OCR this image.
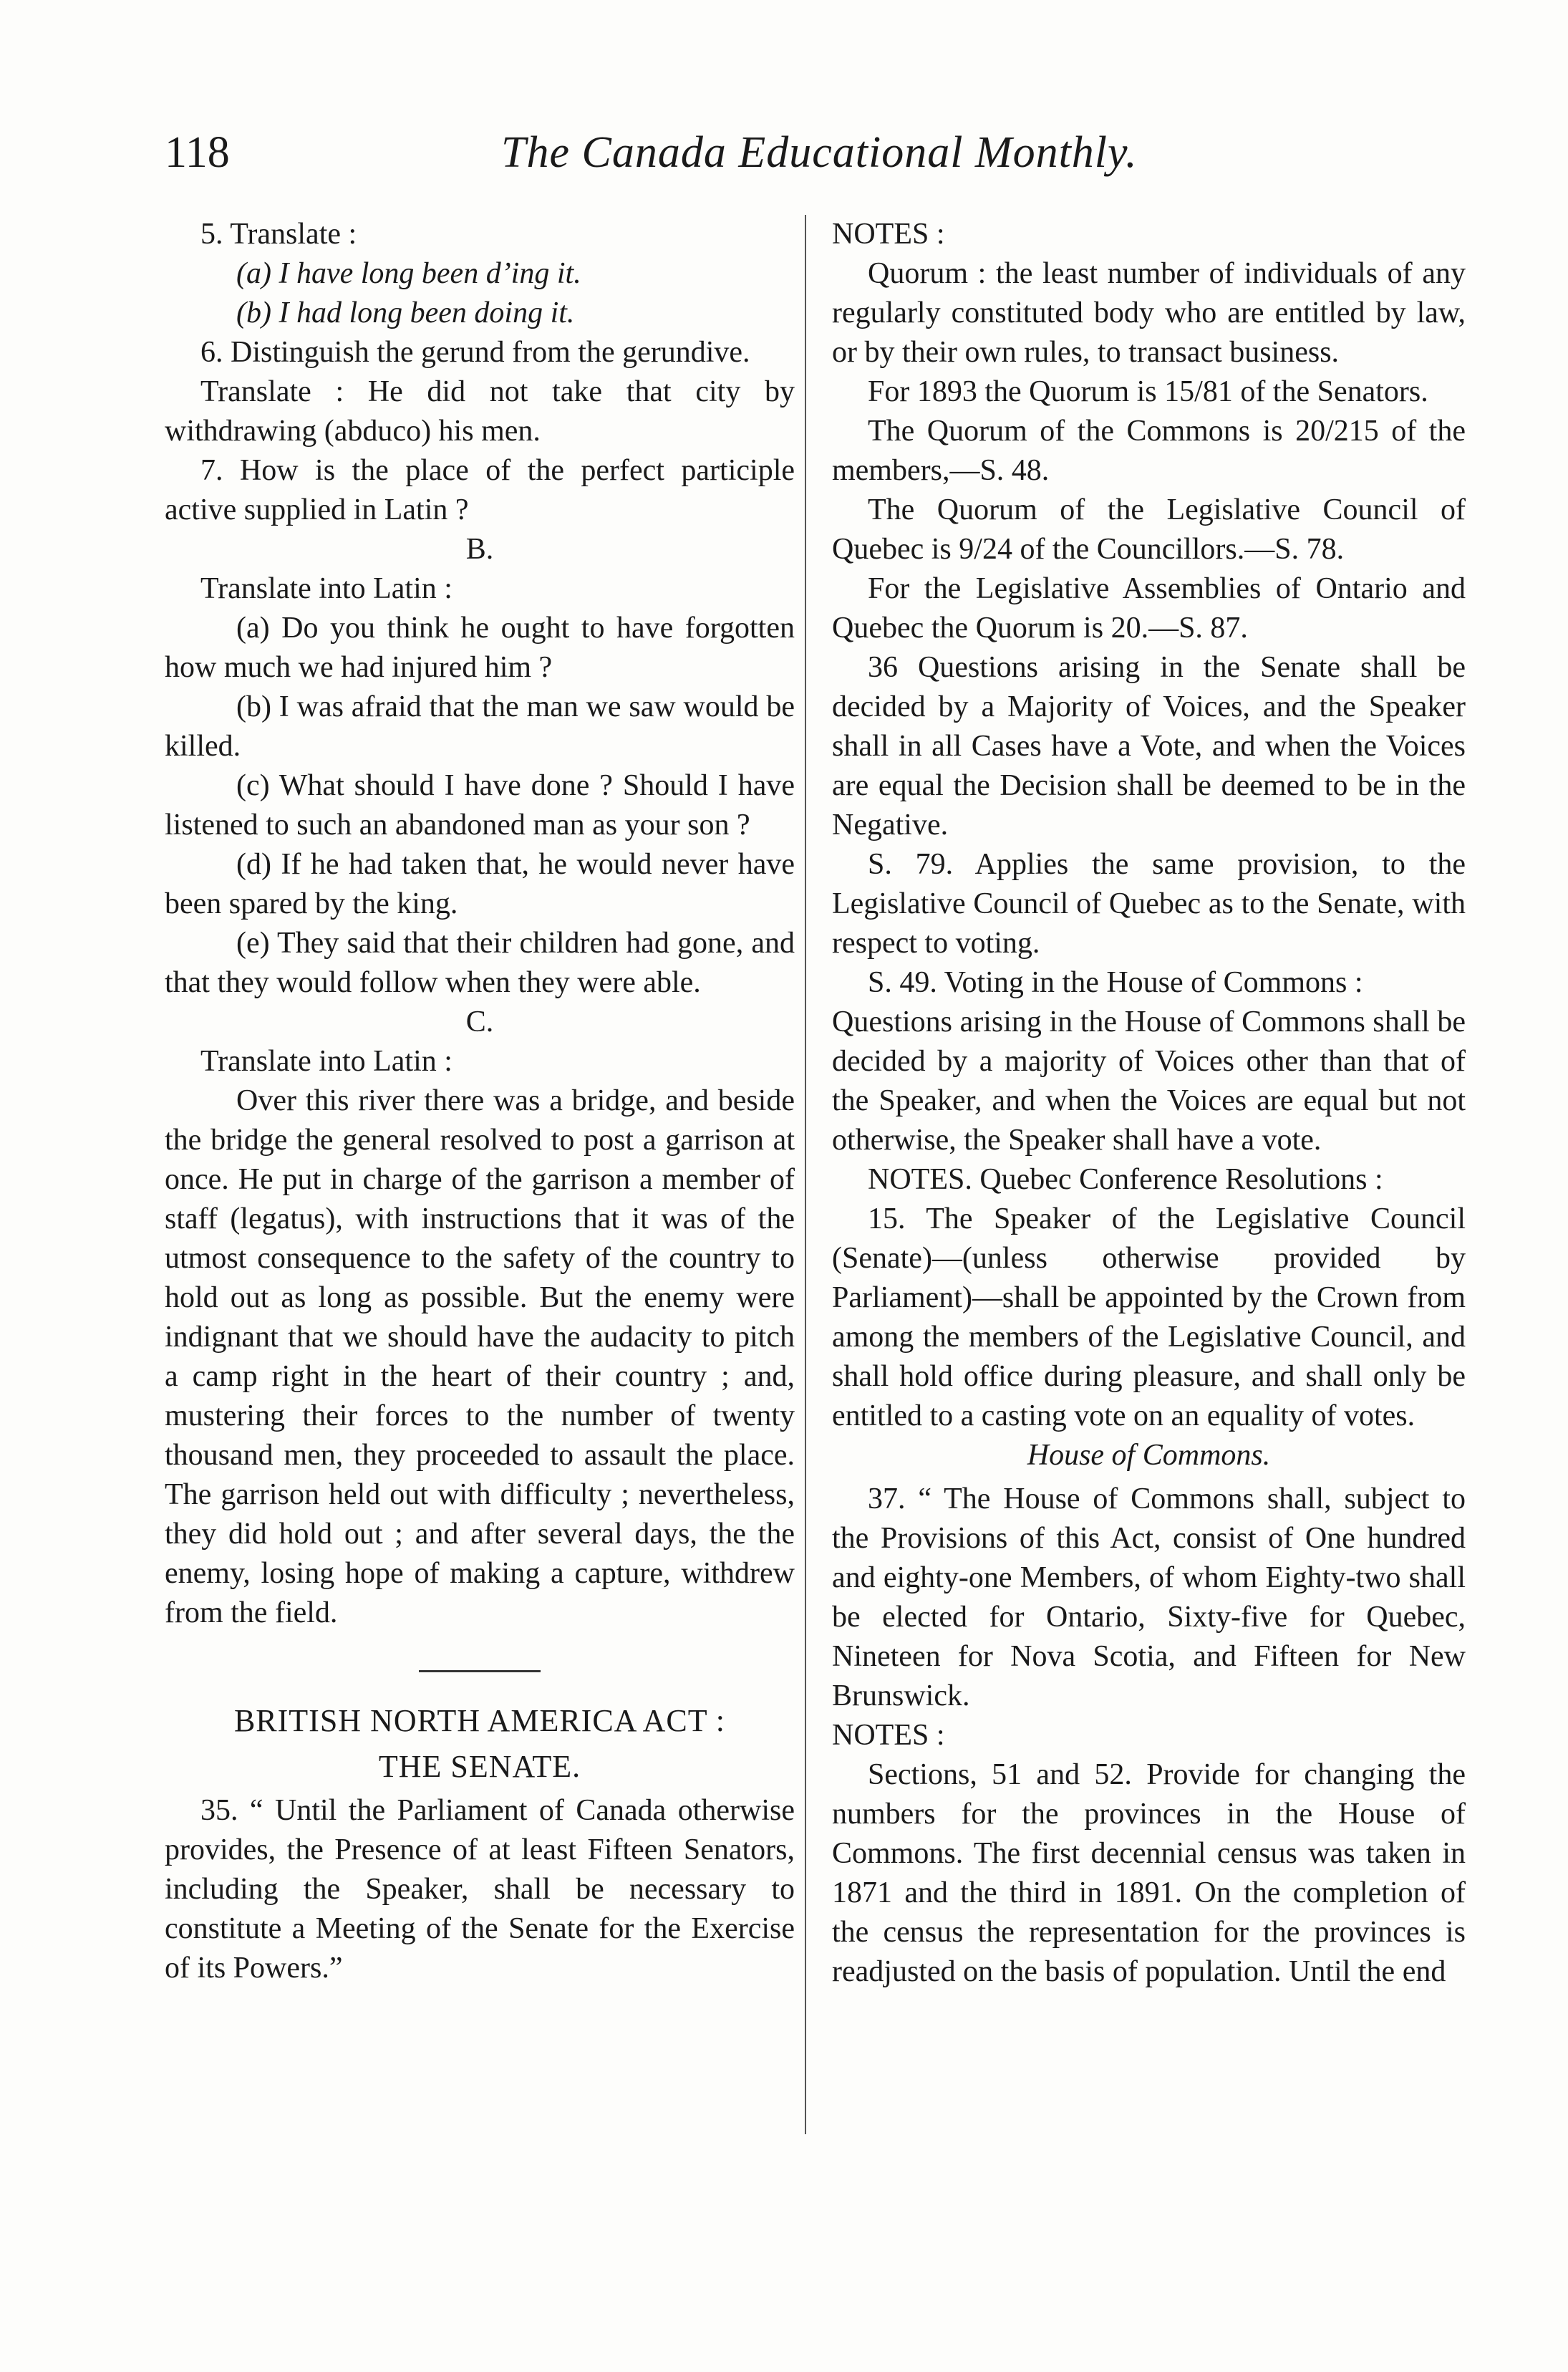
118	The Canada Educational Monthly.

5. Translate :

(a) I have long been d’ing it.

(b) I had long been doing it.

6. Distinguish the gerund from the gerundive.

Translate : He did not take that city by withdrawing (abduco) his men.

7. How is the place of the perfect participle active supplied in Latin ?

B.

Translate into Latin :

(a) Do you think he ought to have forgotten how much we had injured him ?

(b) I was afraid that the man we saw would be killed.

(c) What should I have done ? Should I have listened to such an abandoned man as your son ?

(d) If he had taken that, he would never have been spared by the king.

(e) They said that their children had gone, and that they would follow when they were able.

C.

Translate into Latin :

Over this river there was a bridge, and beside the bridge the general resolved to post a garrison at once. He put in charge of the garrison a member of staff (legatus), with instructions that it was of the utmost consequence to the safety of the country to hold out as long as possible. But the enemy were indignant that we should have the audacity to pitch a camp right in the heart of their country ; and, mustering their forces to the number of twenty thousand men, they proceeded to assault the place. The garrison held out with difficulty ; nevertheless, they did hold out ; and after several days, the the enemy, losing hope of making a capture, withdrew from the field.

BRITISH NORTH AMERICA ACT :

THE SENATE.

35. “ Until the Parliament of Canada otherwise provides, the Presence of at least Fifteen Senators, including the Speaker, shall be necessary to constitute a Meeting of the Senate for the Exercise of its Powers.”

NOTES :

Quorum : the least number of individuals of any regularly constituted body who are entitled by law, or by their own rules, to transact business.

For 1893 the Quorum is 15/81 of the Senators.

The Quorum of the Commons is 20/215 of the members,—S. 48.

The Quorum of the Legislative Council of Quebec is 9/24 of the Councillors.—S. 78.

For the Legislative Assemblies of Ontario and Quebec the Quorum is 20.—S. 87.

36 Questions arising in the Senate shall be decided by a Majority of Voices, and the Speaker shall in all Cases have a Vote, and when the Voices are equal the Decision shall be deemed to be in the Negative.

S. 79. Applies the same provision, to the Legislative Council of Quebec as to the Senate, with respect to voting.

S. 49. Voting in the House of Commons :

Questions arising in the House of Commons shall be decided by a majority of Voices other than that of the Speaker, and when the Voices are equal but not otherwise, the Speaker shall have a vote.

NOTES. Quebec Conference Resolutions :

15. The Speaker of the Legislative Council (Senate)—(unless otherwise provided by Parliament)—shall be appointed by the Crown from among the members of the Legislative Council, and shall hold office during pleasure, and shall only be entitled to a casting vote on an equality of votes.

House of Commons.

37. “ The House of Commons shall, subject to the Provisions of this Act, consist of One hundred and eighty-one Members, of whom Eighty-two shall be elected for Ontario, Sixty-five for Quebec, Nineteen for Nova Scotia, and Fifteen for New Brunswick.

NOTES :

Sections, 51 and 52. Provide for changing the numbers for the provinces in the House of Commons. The first decennial census was taken in 1871 and the third in 1891. On the completion of the census the representation for the provinces is readjusted on the basis of population. Until the end
